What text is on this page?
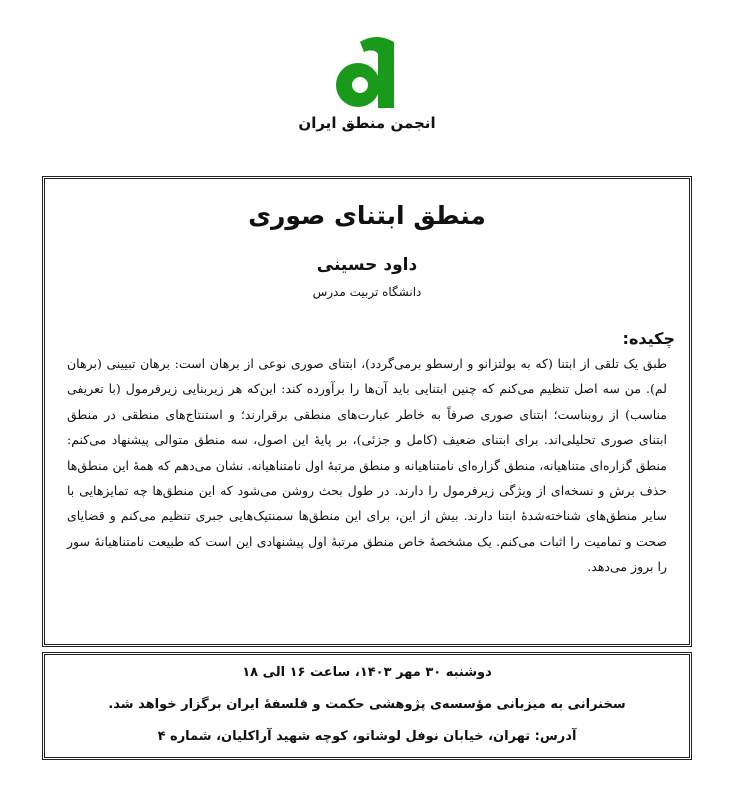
انجمن منطق ایران
منطق ابتنای صوری
داود حسینی
دانشگاه تربیت مدرس
چکیده:
طبق یک تلقی از ابتنا (که به بولتزانو و ارسطو برمی‌گردد)، ابتنای صوری نوعی از برهان است: برهان تبیینی (برهان لم). من سه اصل تنظیم می‌کنم که چنین ابتنایی باید آن‌ها را برآورده کند: این‌که هر زیربنایی زیرفرمول (با تعریفی مناسب) از روبناست؛ ابتنای صوری صرفاً به خاطر عبارت‌های منطقی برقرارند؛ و استنتاج‌های منطقی در منطق ابتنای صوری تحلیلی‌اند. برای ابتنای ضعیف (کامل و جزئی)، بر پایهٔ این اصول، سه منطق متوالی پیشنهاد می‌کنم: منطق گزاره‌ای متناهیانه، منطق گزاره‌ای نامتناهیانه و منطق مرتبهٔ اول نامتناهیانه. نشان می‌دهم که همهٔ این منطق‌ها حذف برش و نسخه‌ای از ویژگی زیرفرمول را دارند. در طول بحث روشن می‌شود که این منطق‌ها چه تمایزهایی با سایر منطق‌های شناخته‌شدهٔ ابتنا دارند. بیش از این، برای این منطق‌ها سمنتیک‌هایی جبری تنظیم می‌کنم و قضایای صحت و تمامیت را اثبات می‌کنم. یک مشخصهٔ خاص منطق مرتبهٔ اول پیشنهادی این است که طبیعت نامتناهیانهٔ سور را بروز می‌دهد.
دوشنبه ۳۰ مهر ۱۴۰۳، ساعت ۱۶ الی ۱۸
سخنرانی به میزبانی مؤسسه‌ی پژوهشی حکمت و فلسفهٔ ایران برگزار خواهد شد.
آدرس: تهران، خیابان نوفل لوشاتو، کوچه شهید آراکلیان، شماره ۴
